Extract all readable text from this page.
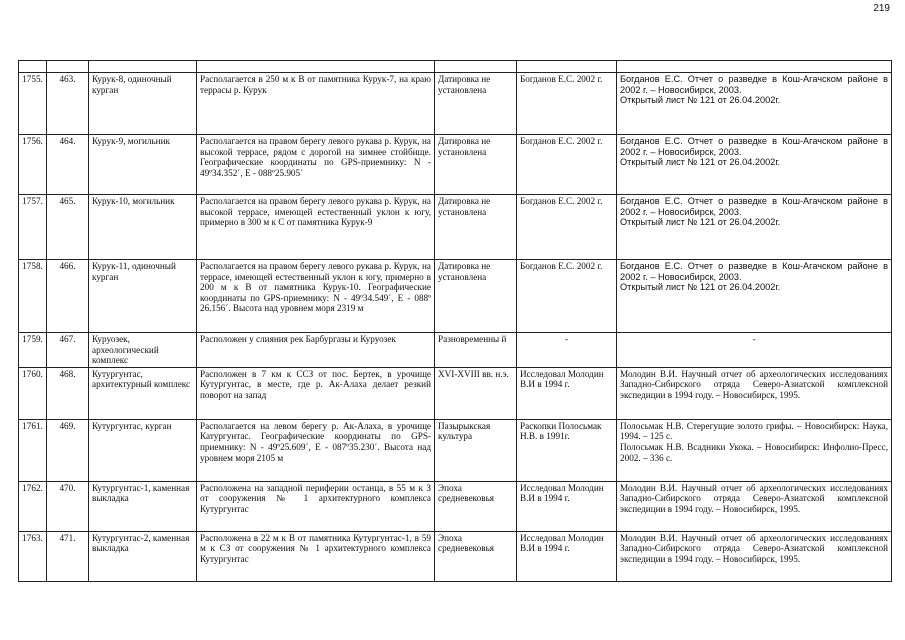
219

1755.	463.	Курук-8, одиночный курган	Располагается в 250 м к В от памятника Курук-7, на краю террасы р. Курук	Датировка не установлена	Богданов Е.С. 2002 г.	Богданов Е.С. Отчет о разведке в Кош-Агачском районе в 2002 г. – Новосибирск, 2003.
Открытый лист № 121 от 26.04.2002г.

1756.	464.	Курук-9, могильник	Располагается на правом берегу левого рукава р. Курук, на высокой террасе, рядом с дорогой на зимнее стойбище. Географические координаты по GPS-приемнику: N - 49º34.352´, E - 088º25.905´	Датировка не установлена	Богданов Е.С. 2002 г.	Богданов Е.С. Отчет о разведке в Кош-Агачском районе в 2002 г. – Новосибирск, 2003.
Открытый лист № 121 от 26.04.2002г.

1757.	465.	Курук-10, могильник	Располагается на правом берегу левого рукава р. Курук, на высокой террасе, имеющей естественный уклон к югу, примерно в 300 м к С от памятника Курук-9	Датировка не установлена	Богданов Е.С. 2002 г.	Богданов Е.С. Отчет о разведке в Кош-Агачском районе в 2002 г. – Новосибирск, 2003.
Открытый лист № 121 от 26.04.2002г.

1758.	466.	Курук-11, одиночный курган	Располагается на правом берегу левого рукава р. Курук, на террасе, имеющей естественный уклон к югу, примерно в 200 м к В от памятника Курук-10. Географические координаты по GPS-приемнику: N - 49º34.549´, E - 088º 26.156´. Высота над уровнем моря 2319 м	Датировка не установлена	Богданов Е.С. 2002 г.	Богданов Е.С. Отчет о разведке в Кош-Агачском районе в 2002 г. – Новосибирск, 2003.
Открытый лист № 121 от 26.04.2002г.

1759.	467.	Куруозек, археологический комплекс	Расположен у слияния рек Барбургазы и Куруозек	Разновременны й	-	-
1760.	468.	Кутургунтас, архитектурный комплекс	Расположен в 7 км к ССЗ от пос. Бертек, в урочище Кутургунтас, в месте, где р. Ак-Алаха делает резкий поворот на запад	XVI-XVIII вв. н.э.	Исследовал Молодин В.И в 1994 г.	Молодин В.И. Научный отчет об археологических исследованиях Западно-Сибирского отряда Северо-Азиатской комплексной экспедиции в 1994 году. – Новосибирск, 1995.

1761.	469.	Кутургунтас, курган	Располагается на левом берегу р. Ак-Алаха, в урочище Катургунтас. Географические координаты по GPS-приемнику: N - 49º25.609´, E - 087º35.230´. Высота над уровнем моря 2105 м	Пазырыкская культура	Раскопки Полосьмак Н.В. в 1991г.	Полосьмак Н.В. Стерегущие золото грифы. – Новосибирск: Наука, 1994. – 125 с.
Полосьмак Н.В. Всадники Укока. – Новосибирск: Инфолио-Пресс, 2002. – 336 с.

1762.	470.	Кутургунтас-1, каменная выкладка	Расположена на западной периферии останца, в 55 м к З от сооружения № 1 архитектурного комплекса Кутургунтас	Эпоха средневековья	Исследовал Молодин В.И в 1994 г.	Молодин В.И. Научный отчет об археологических исследованиях Западно-Сибирского отряда Северо-Азиатской комплексной экспедиции в 1994 году. – Новосибирск, 1995.

1763.	471.	Кутургунтас-2, каменная выкладка	Расположена в 22 м к В от памятника Кутургунтас-1, в 59 м к СЗ от сооружения № 1 архитектурного комплекса Кутургунтас	Эпоха средневековья	Исследовал Молодин В.И в 1994 г.	Молодин В.И. Научный отчет об археологических исследованиях Западно-Сибирского отряда Северо-Азиатской комплексной экспедиции в 1994 году. – Новосибирск, 1995.
